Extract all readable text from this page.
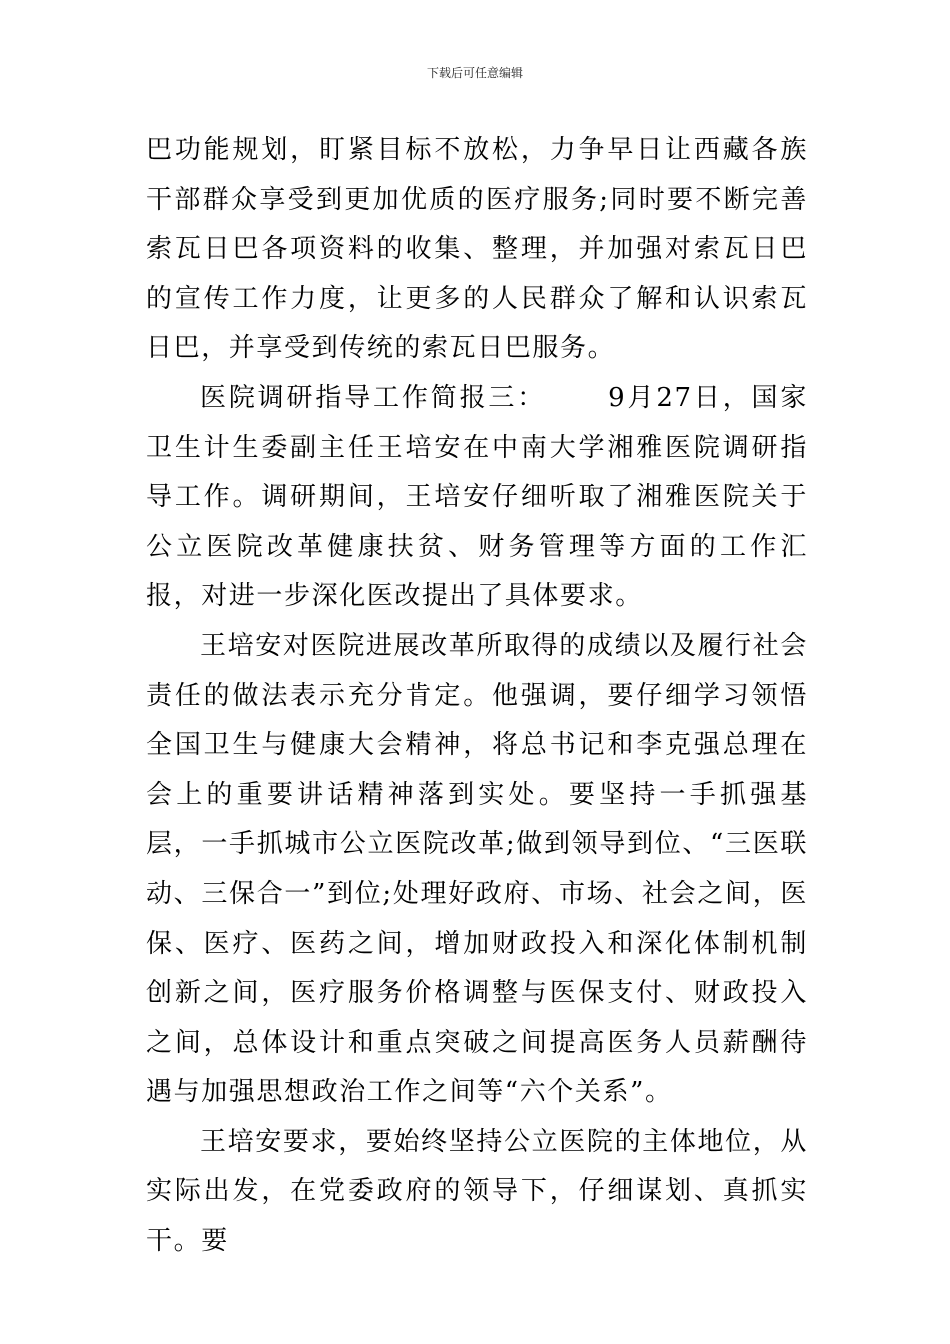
下载后可任意编辑

巴功能规划，盯紧目标不放松，力争早日让西藏各族干部群众享受到更加优质的医疗服务;同时要不断完善索瓦日巴各项资料的收集、整理，并加强对索瓦日巴的宣传工作力度，让更多的人民群众了解和认识索瓦日巴，并享受到传统的索瓦日巴服务。

医院调研指导工作简报三： 9月27日，国家卫生计生委副主任王培安在中南大学湘雅医院调研指导工作。调研期间，王培安仔细听取了湘雅医院关于公立医院改革健康扶贫、财务管理等方面的工作汇报，对进一步深化医改提出了具体要求。

王培安对医院进展改革所取得的成绩以及履行社会责任的做法表示充分肯定。他强调，要仔细学习领悟全国卫生与健康大会精神，将总书记和李克强总理在会上的重要讲话精神落到实处。要坚持一手抓强基层，一手抓城市公立医院改革;做到领导到位、“三医联动、三保合一”到位;处理好政府、市场、社会之间，医保、医疗、医药之间，增加财政投入和深化体制机制创新之间，医疗服务价格调整与医保支付、财政投入之间，总体设计和重点突破之间提高医务人员薪酬待遇与加强思想政治工作之间等“六个关系”。

王培安要求，要始终坚持公立医院的主体地位，从实际出发，在党委政府的领导下，仔细谋划、真抓实干。要
